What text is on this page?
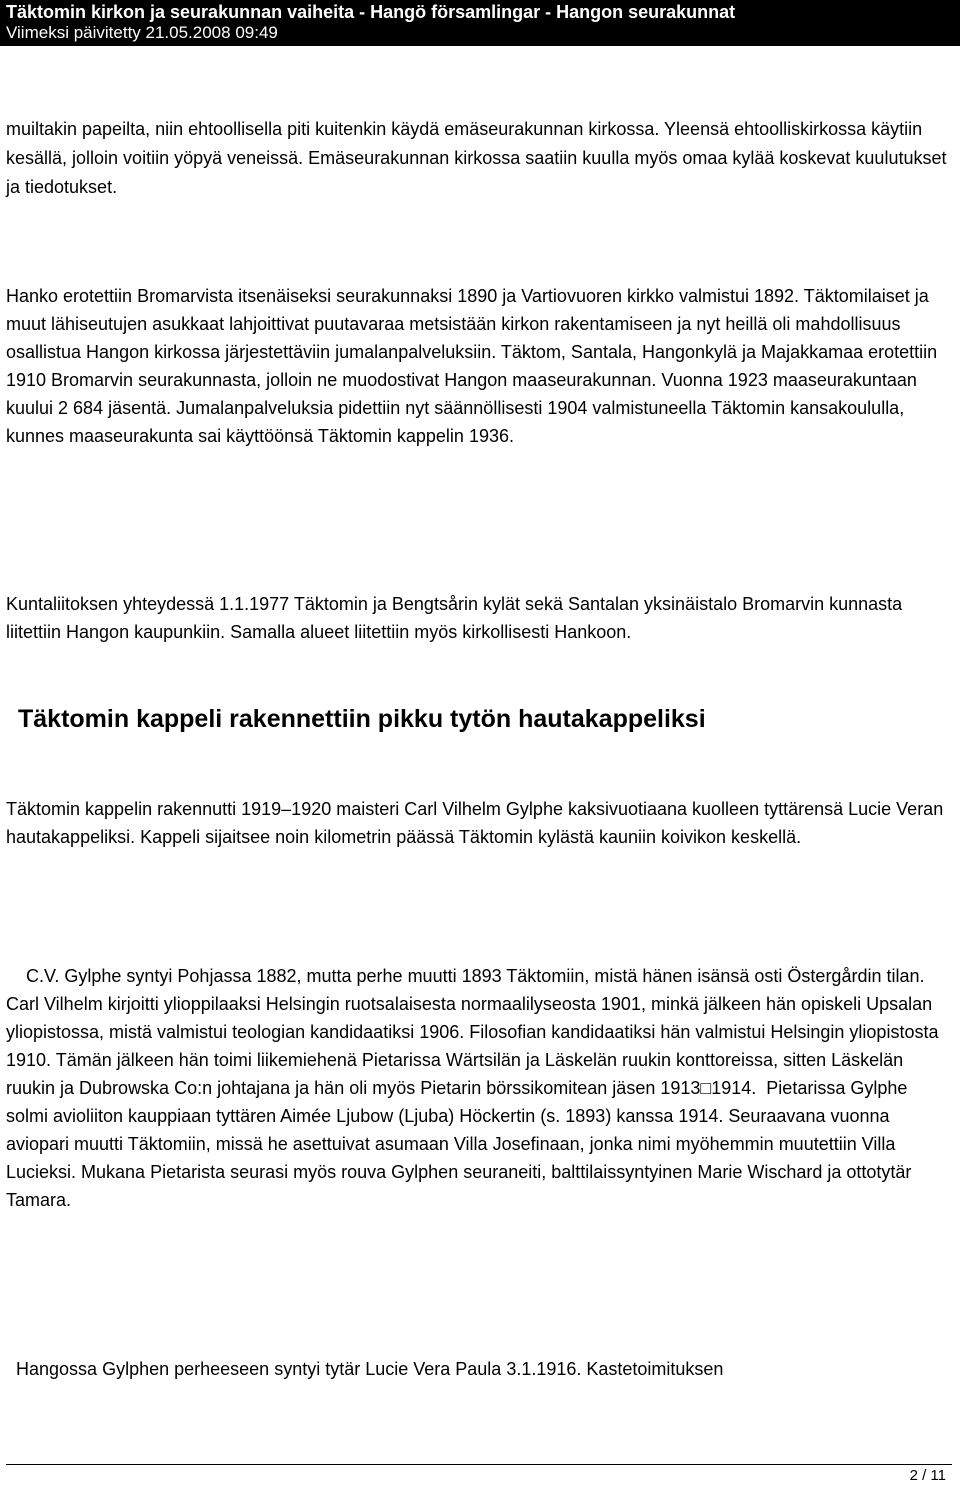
Täktomin kirkon ja seurakunnan vaiheita - Hangö församlingar - Hangon seurakunnat
Viimeksi päivitetty 21.05.2008 09:49

muiltakin papeilta, niin ehtoollisella piti kuitenkin käydä emäseurakunnan kirkossa. Yleensä ehtoolliskirkossa käytiin kesällä, jolloin voitiin yöpyä veneissä. Emäseurakunnan kirkossa saatiin kuulla myös omaa kylää koskevat kuulutukset ja tiedotukset.

Hanko erotettiin Bromarvista itsenäiseksi seurakunnaksi 1890 ja Vartiovuoren kirkko valmistui 1892. Täktomilaiset ja muut lähiseutujen asukkaat lahjoittivat puutavaraa metsistään kirkon rakentamiseen ja nyt heillä oli mahdollisuus osallistua Hangon kirkossa järjestettäviin jumalanpalveluksiin. Täktom, Santala, Hangonkylä ja Majakkamaa erotettiin 1910 Bromarvin seurakunnasta, jolloin ne muodostivat Hangon maaseurakunnan. Vuonna 1923 maaseurakuntaan kuului 2 684 jäsentä. Jumalanpalveluksia pidettiin nyt säännöllisesti 1904 valmistuneella Täktomin kansakoululla, kunnes maaseurakunta sai käyttöönsä Täktomin kappelin 1936.

Kuntaliitoksen yhteydessä 1.1.1977 Täktomin ja Bengtsårin kylät sekä Santalan yksinäistalo Bromarvin kunnasta liitettiin Hangon kaupunkiin. Samalla alueet liitettiin myös kirkollisesti Hankoon.

Täktomin kappeli rakennettiin pikku tytön hautakappeliksi

Täktomin kappelin rakennutti 1919–1920 maisteri Carl Vilhelm Gylphe kaksivuotiaana kuolleen tyttärensä Lucie Veran hautakappeliksi. Kappeli sijaitsee noin kilometrin päässä Täktomin kylästä kauniin koivikon keskellä.

C.V. Gylphe syntyi Pohjassa 1882, mutta perhe muutti 1893 Täktomiin, mistä hänen isänsä osti Östergårdin tilan. Carl Vilhelm kirjoitti ylioppilaaksi Helsingin ruotsalaisesta normaalilyseosta 1901, minkä jälkeen hän opiskeli Upsalan yliopistossa, mistä valmistui teologian kandidaatiksi 1906. Filosofian kandidaatiksi hän valmistui Helsingin yliopistosta 1910. Tämän jälkeen hän toimi liikemiehenä Pietarissa Wärtsilän ja Läskelän ruukin konttoreissa, sitten Läskelän ruukin ja Dubrowska Co:n johtajana ja hän oli myös Pietarin börssikomitean jäsen 1913□1914.  Pietarissa Gylphe solmi avioliiton kauppiaan tyttären Aimée Ljubow (Ljuba) Höckertin (s. 1893) kanssa 1914. Seuraavana vuonna aviopari muutti Täktomiin, missä he asettuivat asumaan Villa Josefinaan, jonka nimi myöhemmin muutettiin Villa Lucieksi. Mukana Pietarista seurasi myös rouva Gylphen seuraneiti, balttilaissyntyinen Marie Wischard ja ottotytär Tamara.

Hangossa Gylphen perheeseen syntyi tytär Lucie Vera Paula 3.1.1916. Kastetoimituksen

2 / 11
